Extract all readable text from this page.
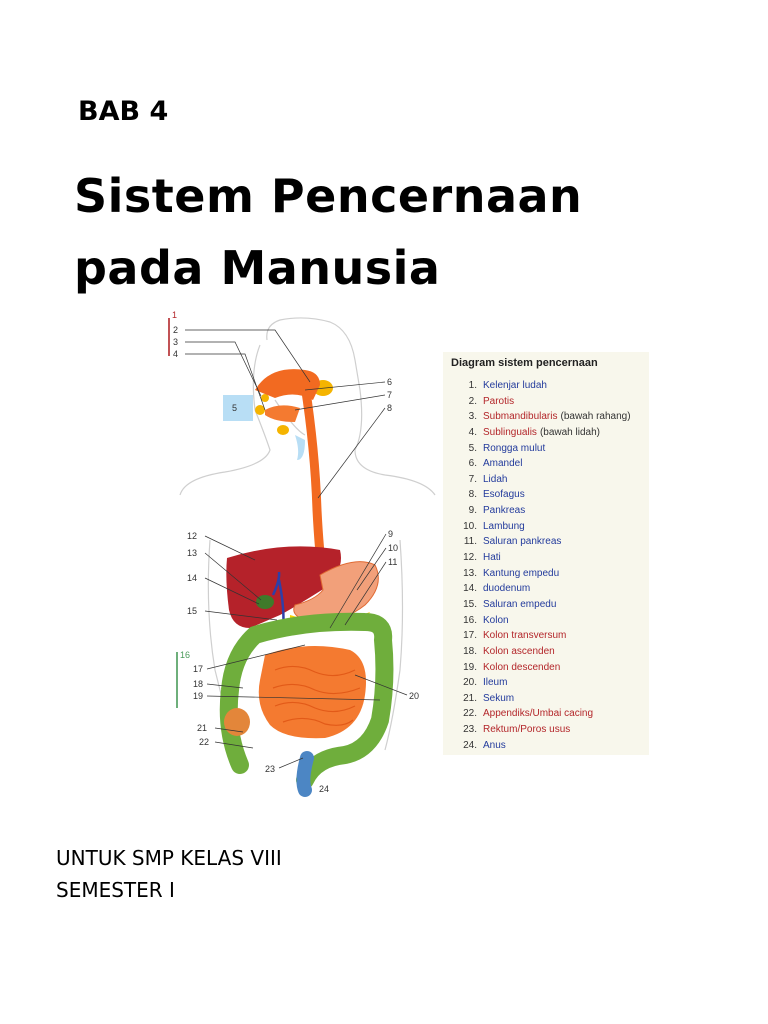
BAB 4
Sistem Pencernaan
pada Manusia
1
2
3
4
5
12
13
14
15
16
17
18
19
21
22
23
6
7
8
9
10
11
20
24
Diagram sistem pencernaan
1. Kelenjar ludah
2. Parotis
3. Submandibularis (bawah rahang)
4. Sublingualis (bawah lidah)
5. Rongga mulut
6. Amandel
7. Lidah
8. Esofagus
9. Pankreas
10. Lambung
11. Saluran pankreas
12. Hati
13. Kantung empedu
14. duodenum
15. Saluran empedu
16. Kolon
17. Kolon transversum
18. Kolon ascenden
19. Kolon descenden
20. Ileum
21. Sekum
22. Appendiks/Umbai cacing
23. Rektum/Poros usus
24. Anus
UNTUK SMP KELAS VIII
SEMESTER I
